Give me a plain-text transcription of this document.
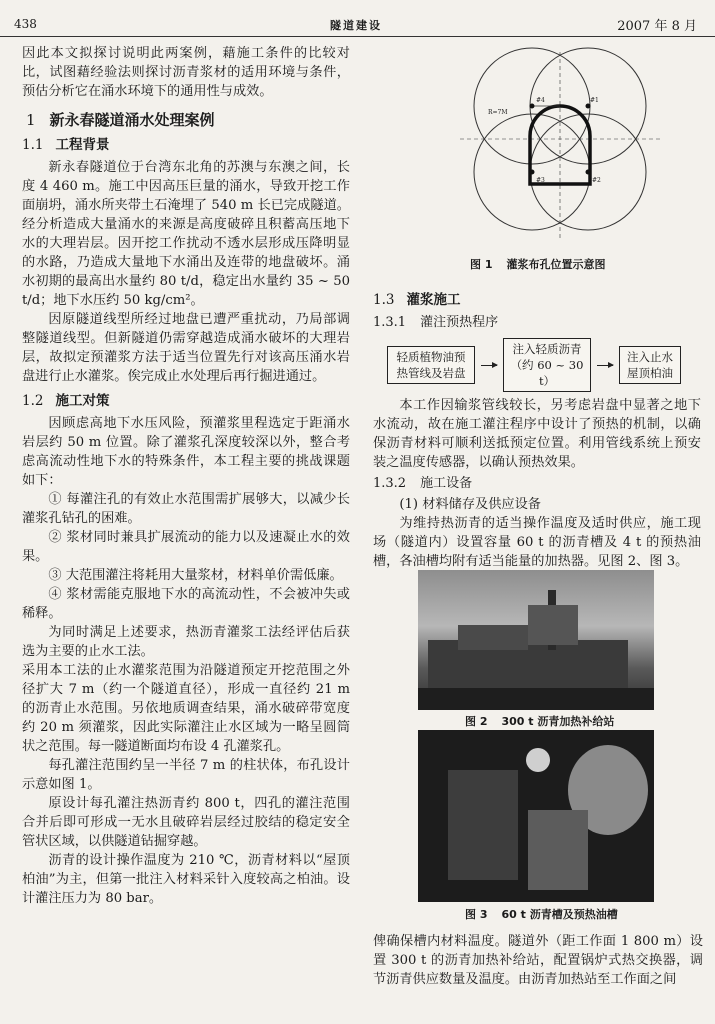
438	隧道建设	2007 年 8 月

因此本文拟探讨说明此两案例，藉施工条件的比较对比，试图藉经验法则探讨沥青浆材的适用环境与条件，预估分析它在涌水环境下的通用性与成效。

1 新永春隧道涌水处理案例
1.1 工程背景

新永春隧道位于台湾东北角的苏澳与东澳之间，长度 4 460 m。施工中因高压巨量的涌水，导致开挖工作面崩坍，涌水所夹带土石淹埋了 540 m 长已完成隧道。经分析造成大量涌水的来源是高度破碎且积蓄高压地下水的大理岩层。因开挖工作扰动不透水层形成压降明显的水路，乃造成大量地下水涌出及连带的地盘破坏。涌水初期的最高出水量约 80 t/d，稳定出水量约 35 ~ 50 t/d；地下水压约 50 kg/cm²。

因原隧道线型所经过地盘已遭严重扰动，乃局部调整隧道线型。但新隧道仍需穿越造成涌水破坏的大理岩层，故拟定预灌浆方法于适当位置先行对该高压涌水岩盘进行止水灌浆。俟完成止水处理后再行掘进通过。

1.2 施工对策

因顾虑高地下水压风险，预灌浆里程选定于距涌水岩层约 50 m 位置。除了灌浆孔深度较深以外，整合考虑高流动性地下水的特殊条件，本工程主要的挑战课题如下：

① 每灌注孔的有效止水范围需扩展够大，以减少长灌浆孔钻孔的困难。

② 浆材同时兼具扩展流动的能力以及速凝止水的效果。

③ 大范围灌注将耗用大量浆材，材料单价需低廉。

④ 浆材需能克服地下水的高流动性，不会被冲失或稀释。

为同时满足上述要求，热沥青灌浆工法经评估后获选为主要的止水工法。

采用本工法的止水灌浆范围为沿隧道预定开挖范围之外径扩大 7 m（约一个隧道直径），形成一直径约 21 m 的沥青止水范围。另依地质调查结果，涌水破碎带宽度约 20 m 须灌浆，因此实际灌注止水区域为一略呈圆筒状之范围。每一隧道断面均布设 4 孔灌浆孔。

每孔灌注范围约呈一半径 7 m 的柱状体，布孔设计示意如图 1。

原设计每孔灌注热沥青约 800 t，四孔的灌注范围合并后即可形成一无水且破碎岩层经过胶结的稳定安全管状区域，以供隧道钻掘穿越。

沥青的设计操作温度为 210 ℃，沥青材料以“屋顶柏油”为主，但第一批注入材料采针入度较高之柏油。设计灌注压力为 80 bar。

R=7M
#4	#1
#3	#2
图 1 灌浆布孔位置示意图
1.3 灌浆施工
1.3.1 灌注预热程序
轻质植物油预热管线及岩盘
注入轻质沥青（约 60 ~ 30 t）
注入止水屋顶柏油

本工作因输浆管线较长，另考虑岩盘中显著之地下水流动，故在施工灌注程序中设计了预热的机制，以确保沥青材料可顺利送抵预定位置。利用管线系统上预安装之温度传感器，以确认预热效果。

1.3.2 施工设备

(1) 材料储存及供应设备

为维持热沥青的适当操作温度及适时供应，施工现场（隧道内）设置容量 60 t 的沥青槽及 4 t 的预热油槽，各油槽均附有适当能量的加热器。见图 2、图 3。

图 2 300 t 沥青加热补给站
图 3 60 t 沥青槽及预热油槽

俾确保槽内材料温度。隧道外（距工作面 1 800 m）设置 300 t 的沥青加热补给站，配置锅炉式热交换器，调节沥青供应数量及温度。由沥青加热站至工作面之间
